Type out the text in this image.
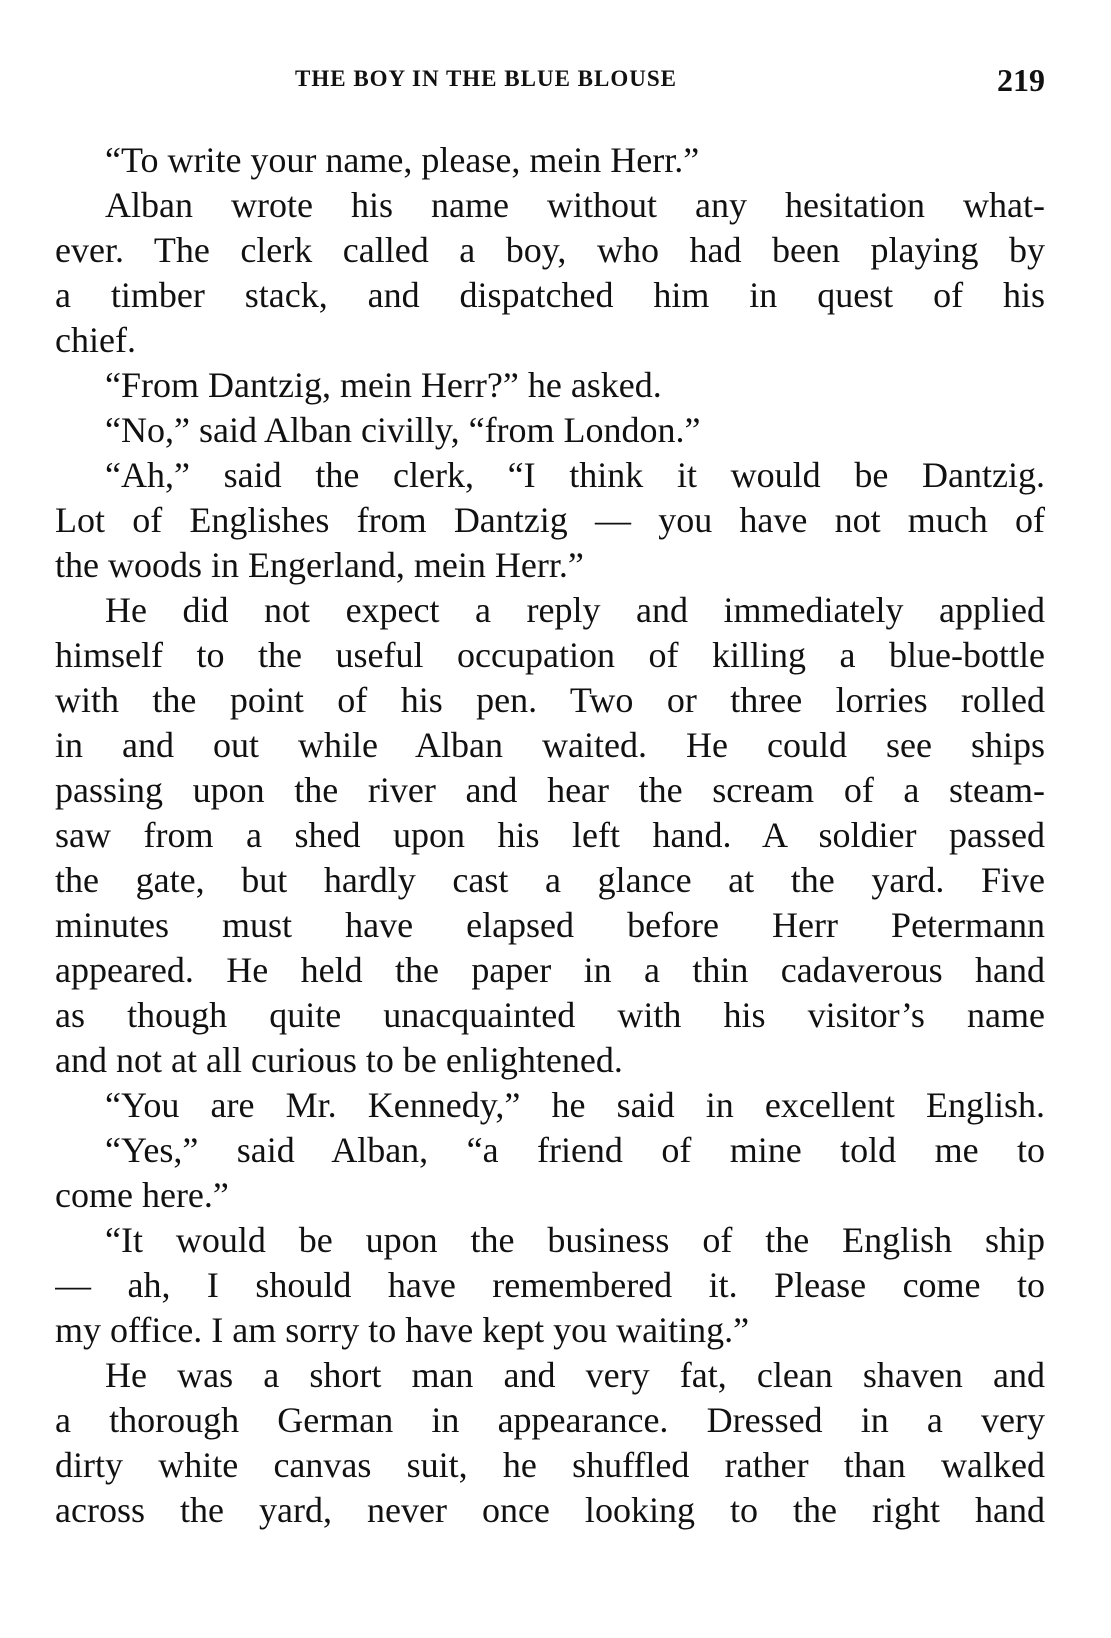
THE BOY IN THE BLUE BLOUSE	219
“To write your name, please, mein Herr.”
Alban wrote his name without any hesitation what-
ever. The clerk called a boy, who had been playing by
a timber stack, and dispatched him in quest of his
chief.
“From Dantzig, mein Herr?” he asked.
“No,” said Alban civilly, “from London.”
“Ah,” said the clerk, “I think it would be Dantzig.
Lot of Englishes from Dantzig — you have not much of
the woods in Engerland, mein Herr.”
He did not expect a reply and immediately applied
himself to the useful occupation of killing a blue-bottle
with the point of his pen. Two or three lorries rolled
in and out while Alban waited. He could see ships
passing upon the river and hear the scream of a steam-
saw from a shed upon his left hand. A soldier passed
the gate, but hardly cast a glance at the yard. Five
minutes must have elapsed before Herr Petermann
appeared. He held the paper in a thin cadaverous hand
as though quite unacquainted with his visitor’s name
and not at all curious to be enlightened.
“You are Mr. Kennedy,” he said in excellent English.
“Yes,” said Alban, “a friend of mine told me to
come here.”
“It would be upon the business of the English ship
— ah, I should have remembered it. Please come to
my office. I am sorry to have kept you waiting.”
He was a short man and very fat, clean shaven and
a thorough German in appearance. Dressed in a very
dirty white canvas suit, he shuffled rather than walked
across the yard, never once looking to the right hand
